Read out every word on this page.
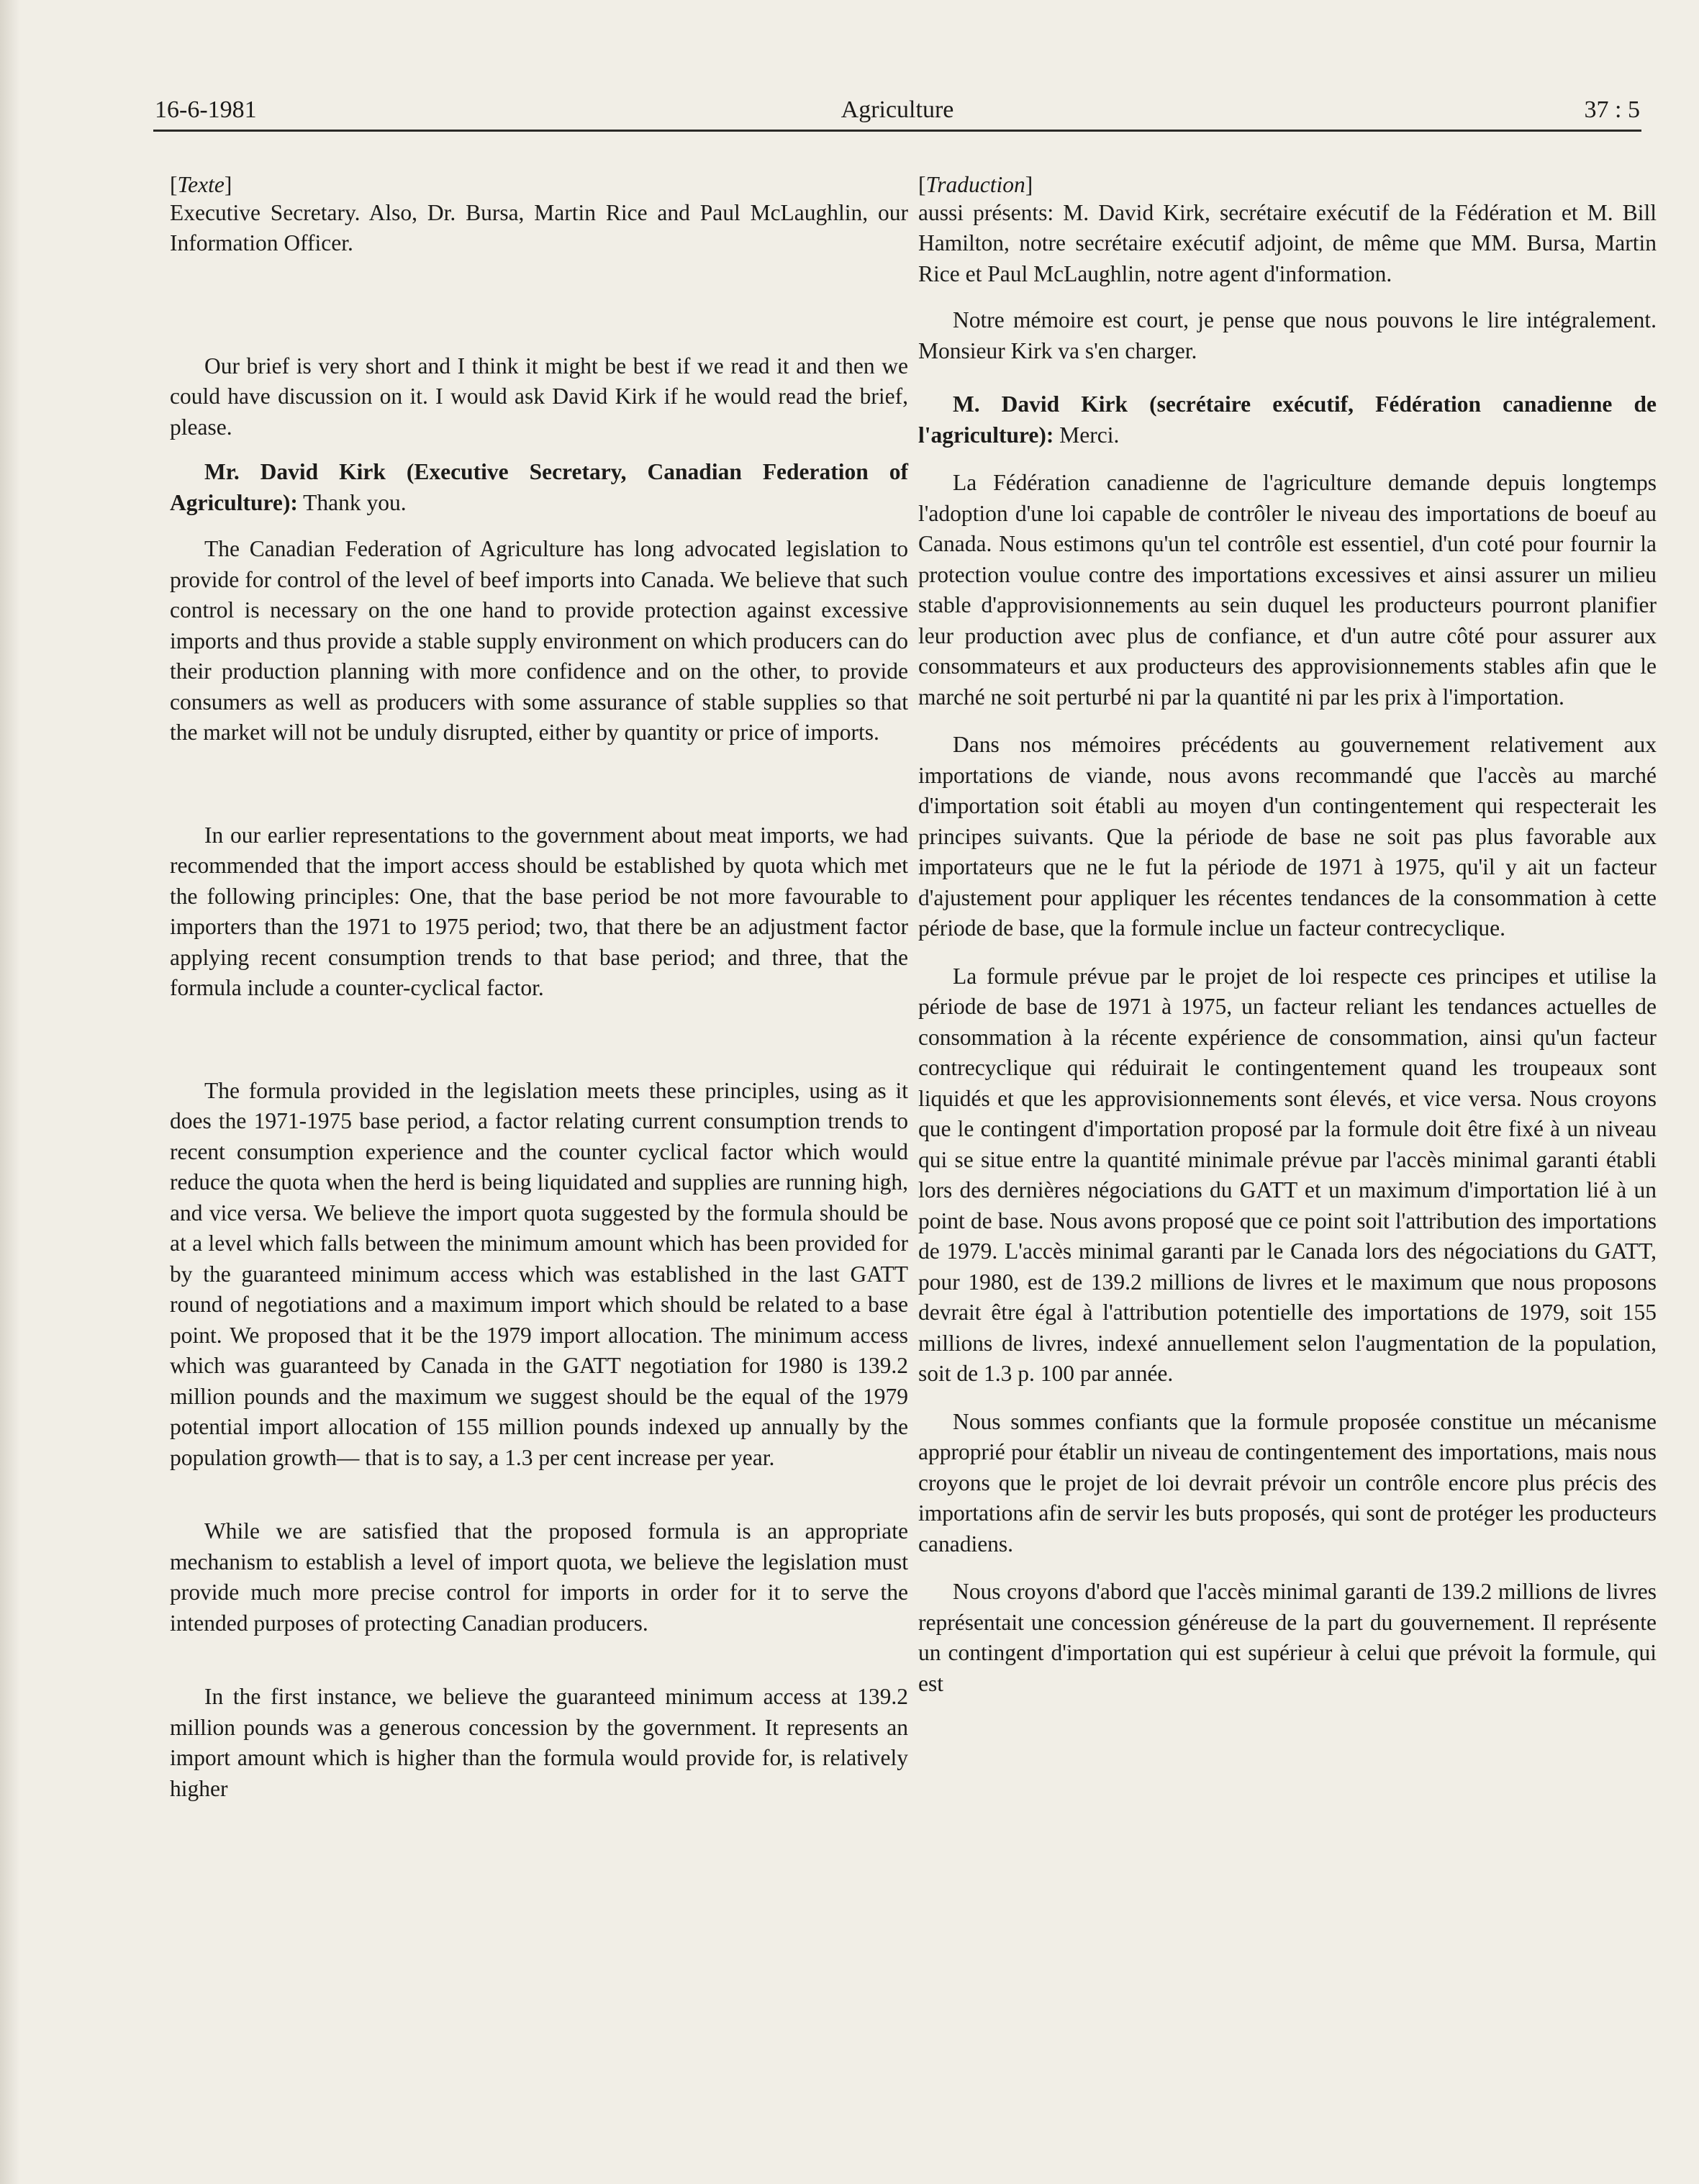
16-6-1981	Agriculture	37 : 5

[Texte]

Executive Secretary. Also, Dr. Bursa, Martin Rice and Paul McLaughlin, our Information Officer.

Our brief is very short and I think it might be best if we read it and then we could have discussion on it. I would ask David Kirk if he would read the brief, please.

Mr. David Kirk (Executive Secretary, Canadian Federation of Agriculture): Thank you.

The Canadian Federation of Agriculture has long advocated legislation to provide for control of the level of beef imports into Canada. We believe that such control is necessary on the one hand to provide protection against excessive imports and thus provide a stable supply environment on which producers can do their production planning with more confidence and on the other, to provide consumers as well as producers with some assurance of stable supplies so that the market will not be unduly disrupted, either by quantity or price of imports.

In our earlier representations to the government about meat imports, we had recommended that the import access should be established by quota which met the following principles: One, that the base period be not more favourable to importers than the 1971 to 1975 period; two, that there be an adjustment factor applying recent consumption trends to that base period; and three, that the formula include a counter-cyclical factor.

The formula provided in the legislation meets these principles, using as it does the 1971-1975 base period, a factor relating current consumption trends to recent consumption experience and the counter cyclical factor which would reduce the quota when the herd is being liquidated and supplies are running high, and vice versa. We believe the import quota suggested by the formula should be at a level which falls between the minimum amount which has been provided for by the guaranteed minimum access which was established in the last GATT round of negotiations and a maximum import which should be related to a base point. We proposed that it be the 1979 import allocation. The minimum access which was guaranteed by Canada in the GATT negotiation for 1980 is 139.2 million pounds and the maximum we suggest should be the equal of the 1979 potential import allocation of 155 million pounds indexed up annually by the population growth— that is to say, a 1.3 per cent increase per year.

While we are satisfied that the proposed formula is an appropriate mechanism to establish a level of import quota, we believe the legislation must provide much more precise control for imports in order for it to serve the intended purposes of protecting Canadian producers.

In the first instance, we believe the guaranteed minimum access at 139.2 million pounds was a generous concession by the government. It represents an import amount which is higher than the formula would provide for, is relatively higher

[Traduction]

aussi présents: M. David Kirk, secrétaire exécutif de la Fédération et M. Bill Hamilton, notre secrétaire exécutif adjoint, de même que MM. Bursa, Martin Rice et Paul McLaughlin, notre agent d'information.

Notre mémoire est court, je pense que nous pouvons le lire intégralement. Monsieur Kirk va s'en charger.

M. David Kirk (secrétaire exécutif, Fédération canadienne de l'agriculture): Merci.

La Fédération canadienne de l'agriculture demande depuis longtemps l'adoption d'une loi capable de contrôler le niveau des importations de boeuf au Canada. Nous estimons qu'un tel contrôle est essentiel, d'un coté pour fournir la protection voulue contre des importations excessives et ainsi assurer un milieu stable d'approvisionnements au sein duquel les producteurs pourront planifier leur production avec plus de confiance, et d'un autre côté pour assurer aux consommateurs et aux producteurs des approvisionnements stables afin que le marché ne soit perturbé ni par la quantité ni par les prix à l'importation.

Dans nos mémoires précédents au gouvernement relativement aux importations de viande, nous avons recommandé que l'accès au marché d'importation soit établi au moyen d'un contingentement qui respecterait les principes suivants. Que la période de base ne soit pas plus favorable aux importateurs que ne le fut la période de 1971 à 1975, qu'il y ait un facteur d'ajustement pour appliquer les récentes tendances de la consommation à cette période de base, que la formule inclue un facteur contrecyclique.

La formule prévue par le projet de loi respecte ces principes et utilise la période de base de 1971 à 1975, un facteur reliant les tendances actuelles de consommation à la récente expérience de consommation, ainsi qu'un facteur contrecyclique qui réduirait le contingentement quand les troupeaux sont liquidés et que les approvisionnements sont élevés, et vice versa. Nous croyons que le contingent d'importation proposé par la formule doit être fixé à un niveau qui se situe entre la quantité minimale prévue par l'accès minimal garanti établi lors des dernières négociations du GATT et un maximum d'importation lié à un point de base. Nous avons proposé que ce point soit l'attribution des importations de 1979. L'accès minimal garanti par le Canada lors des négociations du GATT, pour 1980, est de 139.2 millions de livres et le maximum que nous proposons devrait être égal à l'attribution potentielle des importations de 1979, soit 155 millions de livres, indexé annuellement selon l'augmentation de la population, soit de 1.3 p. 100 par année.

Nous sommes confiants que la formule proposée constitue un mécanisme approprié pour établir un niveau de contingentement des importations, mais nous croyons que le projet de loi devrait prévoir un contrôle encore plus précis des importations afin de servir les buts proposés, qui sont de protéger les producteurs canadiens.

Nous croyons d'abord que l'accès minimal garanti de 139.2 millions de livres représentait une concession généreuse de la part du gouvernement. Il représente un contingent d'importation qui est supérieur à celui que prévoit la formule, qui est
